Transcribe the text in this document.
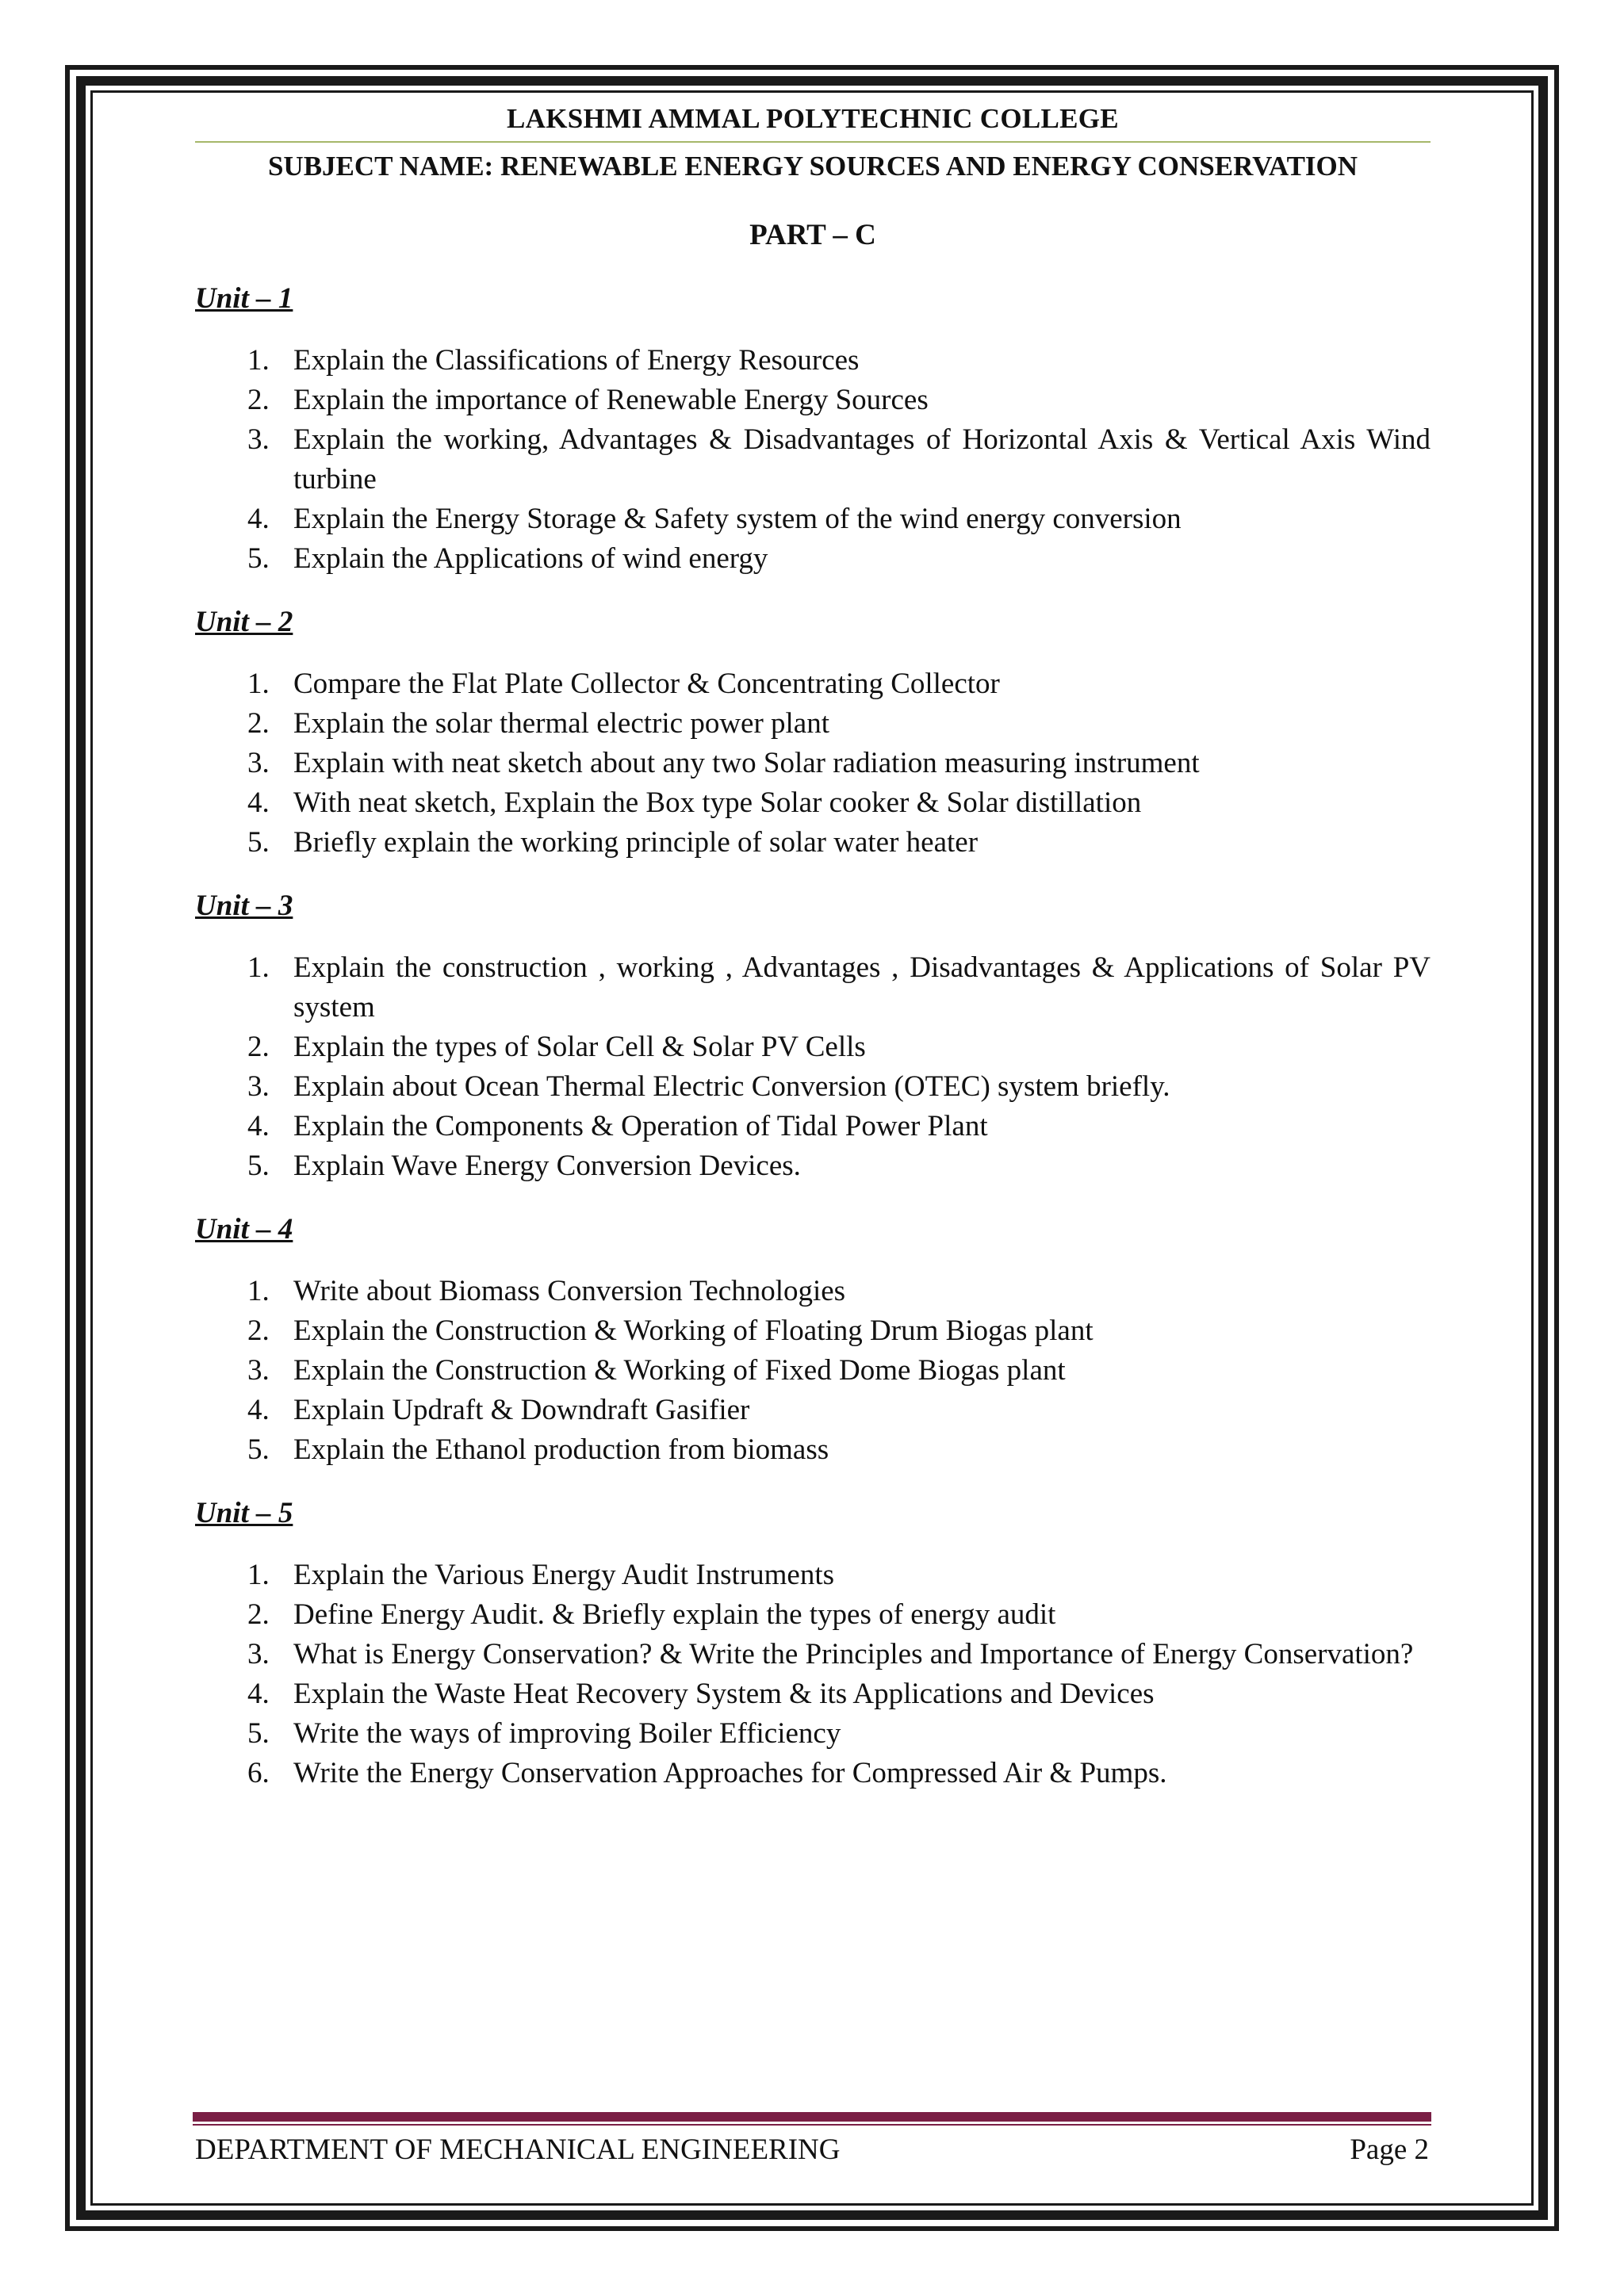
LAKSHMI AMMAL POLYTECHNIC COLLEGE
SUBJECT NAME: RENEWABLE ENERGY SOURCES AND ENERGY CONSERVATION
PART – C
Unit – 1
1. Explain the Classifications of Energy Resources
2. Explain the importance of Renewable Energy Sources
3. Explain the working, Advantages & Disadvantages of Horizontal Axis & Vertical Axis Wind turbine
4. Explain the Energy Storage & Safety system of the wind energy conversion
5. Explain the Applications of wind energy
Unit – 2
1. Compare the Flat Plate Collector & Concentrating Collector
2. Explain the solar thermal electric power plant
3. Explain with neat sketch about any two Solar radiation measuring instrument
4. With neat sketch, Explain the Box type Solar cooker & Solar distillation
5. Briefly explain the working principle of solar water heater
Unit – 3
1. Explain the construction , working , Advantages , Disadvantages & Applications of Solar PV system
2. Explain the types of Solar Cell & Solar PV Cells
3. Explain about Ocean Thermal Electric Conversion (OTEC) system briefly.
4. Explain the Components & Operation of Tidal Power Plant
5. Explain Wave Energy Conversion Devices.
Unit – 4
1. Write about Biomass Conversion Technologies
2. Explain the Construction & Working of Floating Drum Biogas plant
3. Explain the Construction & Working of Fixed Dome Biogas plant
4. Explain Updraft & Downdraft Gasifier
5. Explain the Ethanol production from biomass
Unit – 5
1. Explain the Various Energy Audit Instruments
2. Define Energy Audit. & Briefly explain the types of energy audit
3. What is Energy Conservation? & Write the Principles and Importance of Energy Conservation?
4. Explain the Waste Heat Recovery System & its Applications and Devices
5. Write the ways of improving Boiler Efficiency
6. Write the Energy Conservation Approaches for Compressed Air & Pumps.
DEPARTMENT OF MECHANICAL ENGINEERING	Page 2
